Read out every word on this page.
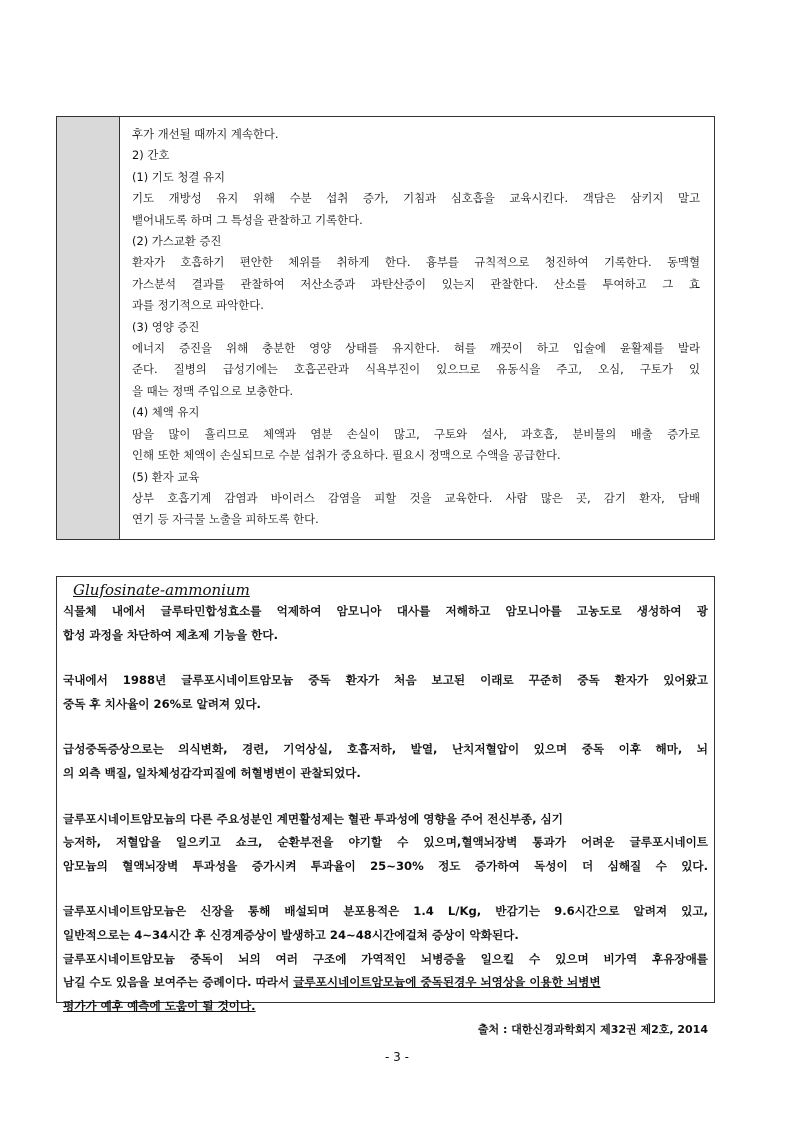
후가 개선될 때까지 계속한다.
2) 간호
(1) 기도 청결 유지
기도 개방성 유지 위해 수분 섭취 증가, 기침과 심호흡을 교육시킨다. 객담은 삼키지 말고
뱉어내도록 하며 그 특성을 관찰하고 기록한다.
(2) 가스교환 증진
환자가 호흡하기 편안한 체위를 취하게 한다. 흉부를 규칙적으로 청진하여 기록한다. 동맥혈
가스분석 결과를 관찰하여 저산소증과 과탄산증이 있는지 관찰한다. 산소를 투여하고 그 효
과를 정기적으로 파악한다.
(3) 영양 증진
에너지 증진을 위해 충분한 영양 상태를 유지한다. 혀를 깨끗이 하고 입술에 윤활제를 발라
준다. 질병의 급성기에는 호흡곤란과 식욕부진이 있으므로 유동식을 주고, 오심, 구토가 있
을 때는 정맥 주입으로 보충한다.
(4) 체액 유지
땀을 많이 흘리므로 체액과 염분 손실이 많고, 구토와 설사, 과호흡, 분비물의 배출 증가로
인해 또한 체액이 손실되므로 수분 섭취가 중요하다. 필요시 정맥으로 수액을 공급한다.
(5) 환자 교육
상부 호흡기계 감염과 바이러스 감염을 피할 것을 교육한다. 사람 많은 곳, 감기 환자, 담배
연기 등 자극물 노출을 피하도록 한다.
Glufosinate-ammonium
식물체 내에서 글루타민합성효소를 억제하여 암모니아 대사를 저해하고 암모니아를 고농도로 생성하여 광
합성 과정을 차단하여 제초제 기능을 한다.
국내에서 1988년 글루포시네이트암모늄 중독 환자가 처음 보고된 이래로 꾸준히 중독 환자가 있어왔고
중독 후 치사율이 26%로 알려져 있다.
급성중독증상으로는 의식변화, 경련, 기억상실, 호흡저하, 발열, 난치저혈압이 있으며 중독 이후 해마, 뇌
의 외측 백질, 일차체성감각피질에 허혈병변이 관찰되었다.
글루포시네이트암모늄의 다른 주요성분인 계면활성제는 혈관 투과성에 영향을 주어 전신부종, 심기
능저하, 저혈압을 일으키고 쇼크, 순환부전을 야기할 수 있으며,혈액뇌장벽 통과가 어려운 글루포시네이트
암모늄의 혈액뇌장벽 투과성을 증가시켜 투과율이 25~30% 정도 증가하여 독성이 더 심해질 수 있다.
글루포시네이트암모늄은 신장을 통해 배설되며 분포용적은 1.4 L/Kg, 반감기는 9.6시간으로 알려져 있고,
일반적으로는 4~34시간 후 신경계증상이 발생하고 24~48시간에걸쳐 증상이 악화된다.
글루포시네이트암모늄 중독이 뇌의 여러 구조에 가역적인 뇌병증을 일으킬 수 있으며 비가역 후유장애를
남길 수도 있음을 보여주는 증례이다. 따라서 글루포시네이트암모늄에 중독된경우 뇌영상을 이용한 뇌병변
평가가 예후 예측에 도움이 될 것이다.
출처 : 대한신경과학회지 제32권 제2호, 2014
- 3 -
